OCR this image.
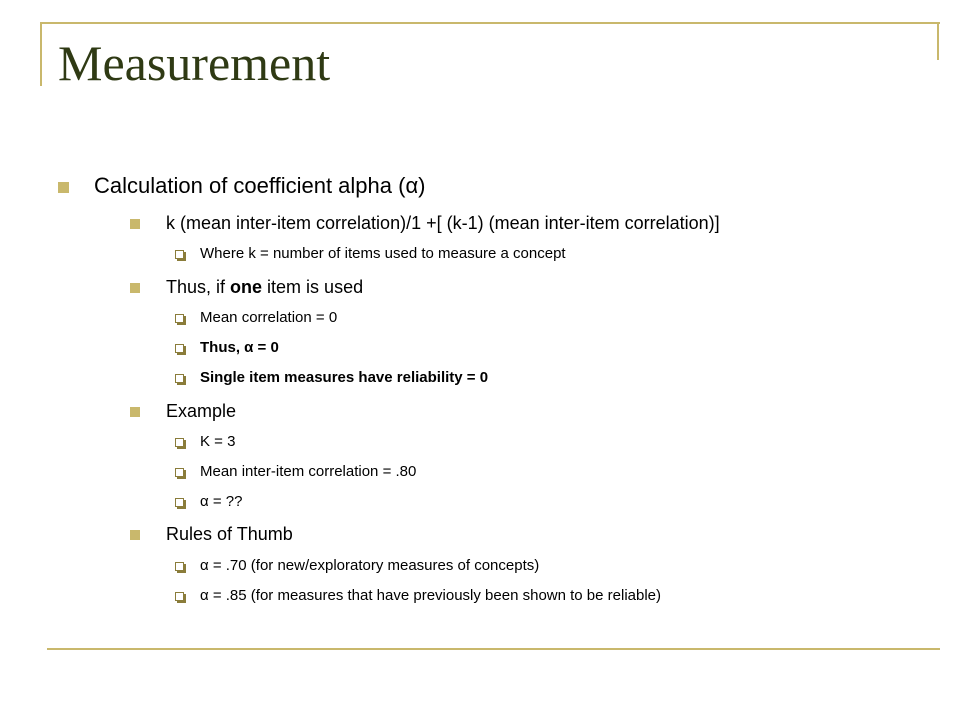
Measurement
Calculation of coefficient alpha (α)
k (mean inter-item correlation)/1 +[ (k-1) (mean inter-item correlation)]
Where k = number of items used to measure a concept
Thus, if one item is used
Mean correlation = 0
Thus, α = 0
Single item measures have reliability = 0
Example
K = 3
Mean inter-item correlation = .80
α = ??
Rules of Thumb
α = .70 (for new/exploratory measures of concepts)
α = .85 (for measures that have previously been shown to be reliable)
